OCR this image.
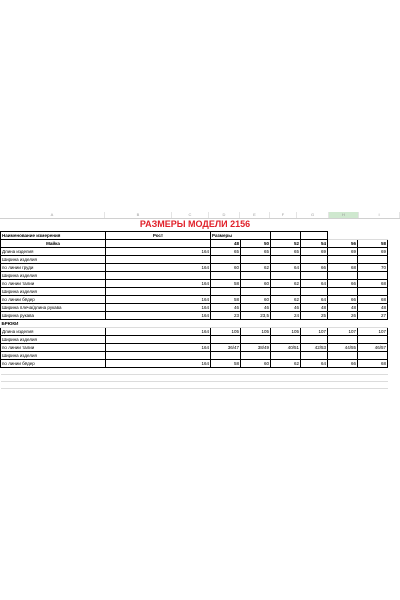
A	B	C	D	E	F	G	H	I
РАЗМЕРЫ МОДЕЛИ 2156
Наименование измерения	Рост	Размеры					
Майка		48	50	52	54	56	58
Длина изделия	164	65	65	65	69	69	69
Ширина изделия							
по линии груди	164	60	62	64	66	68	70
Ширина изделия							
по линии талии	164	58	60	62	64	66	68
Ширина изделия							
по линии бёдер	164	58	60	62	64	66	68
Ширина плеча/длина рукава	164	46	46	46	48	48	48
Ширина рукава	164	23	23,5	24	25	26	27
БРЮКИ							
Длина изделия	164	105	105	105	107	107	107
Ширина изделия							
по линии талии	164	36/47	38/49	40/51	42/53	44/55	46/57
Ширина изделия							
по линии бёдер	164	58	60	62	64	66	68
